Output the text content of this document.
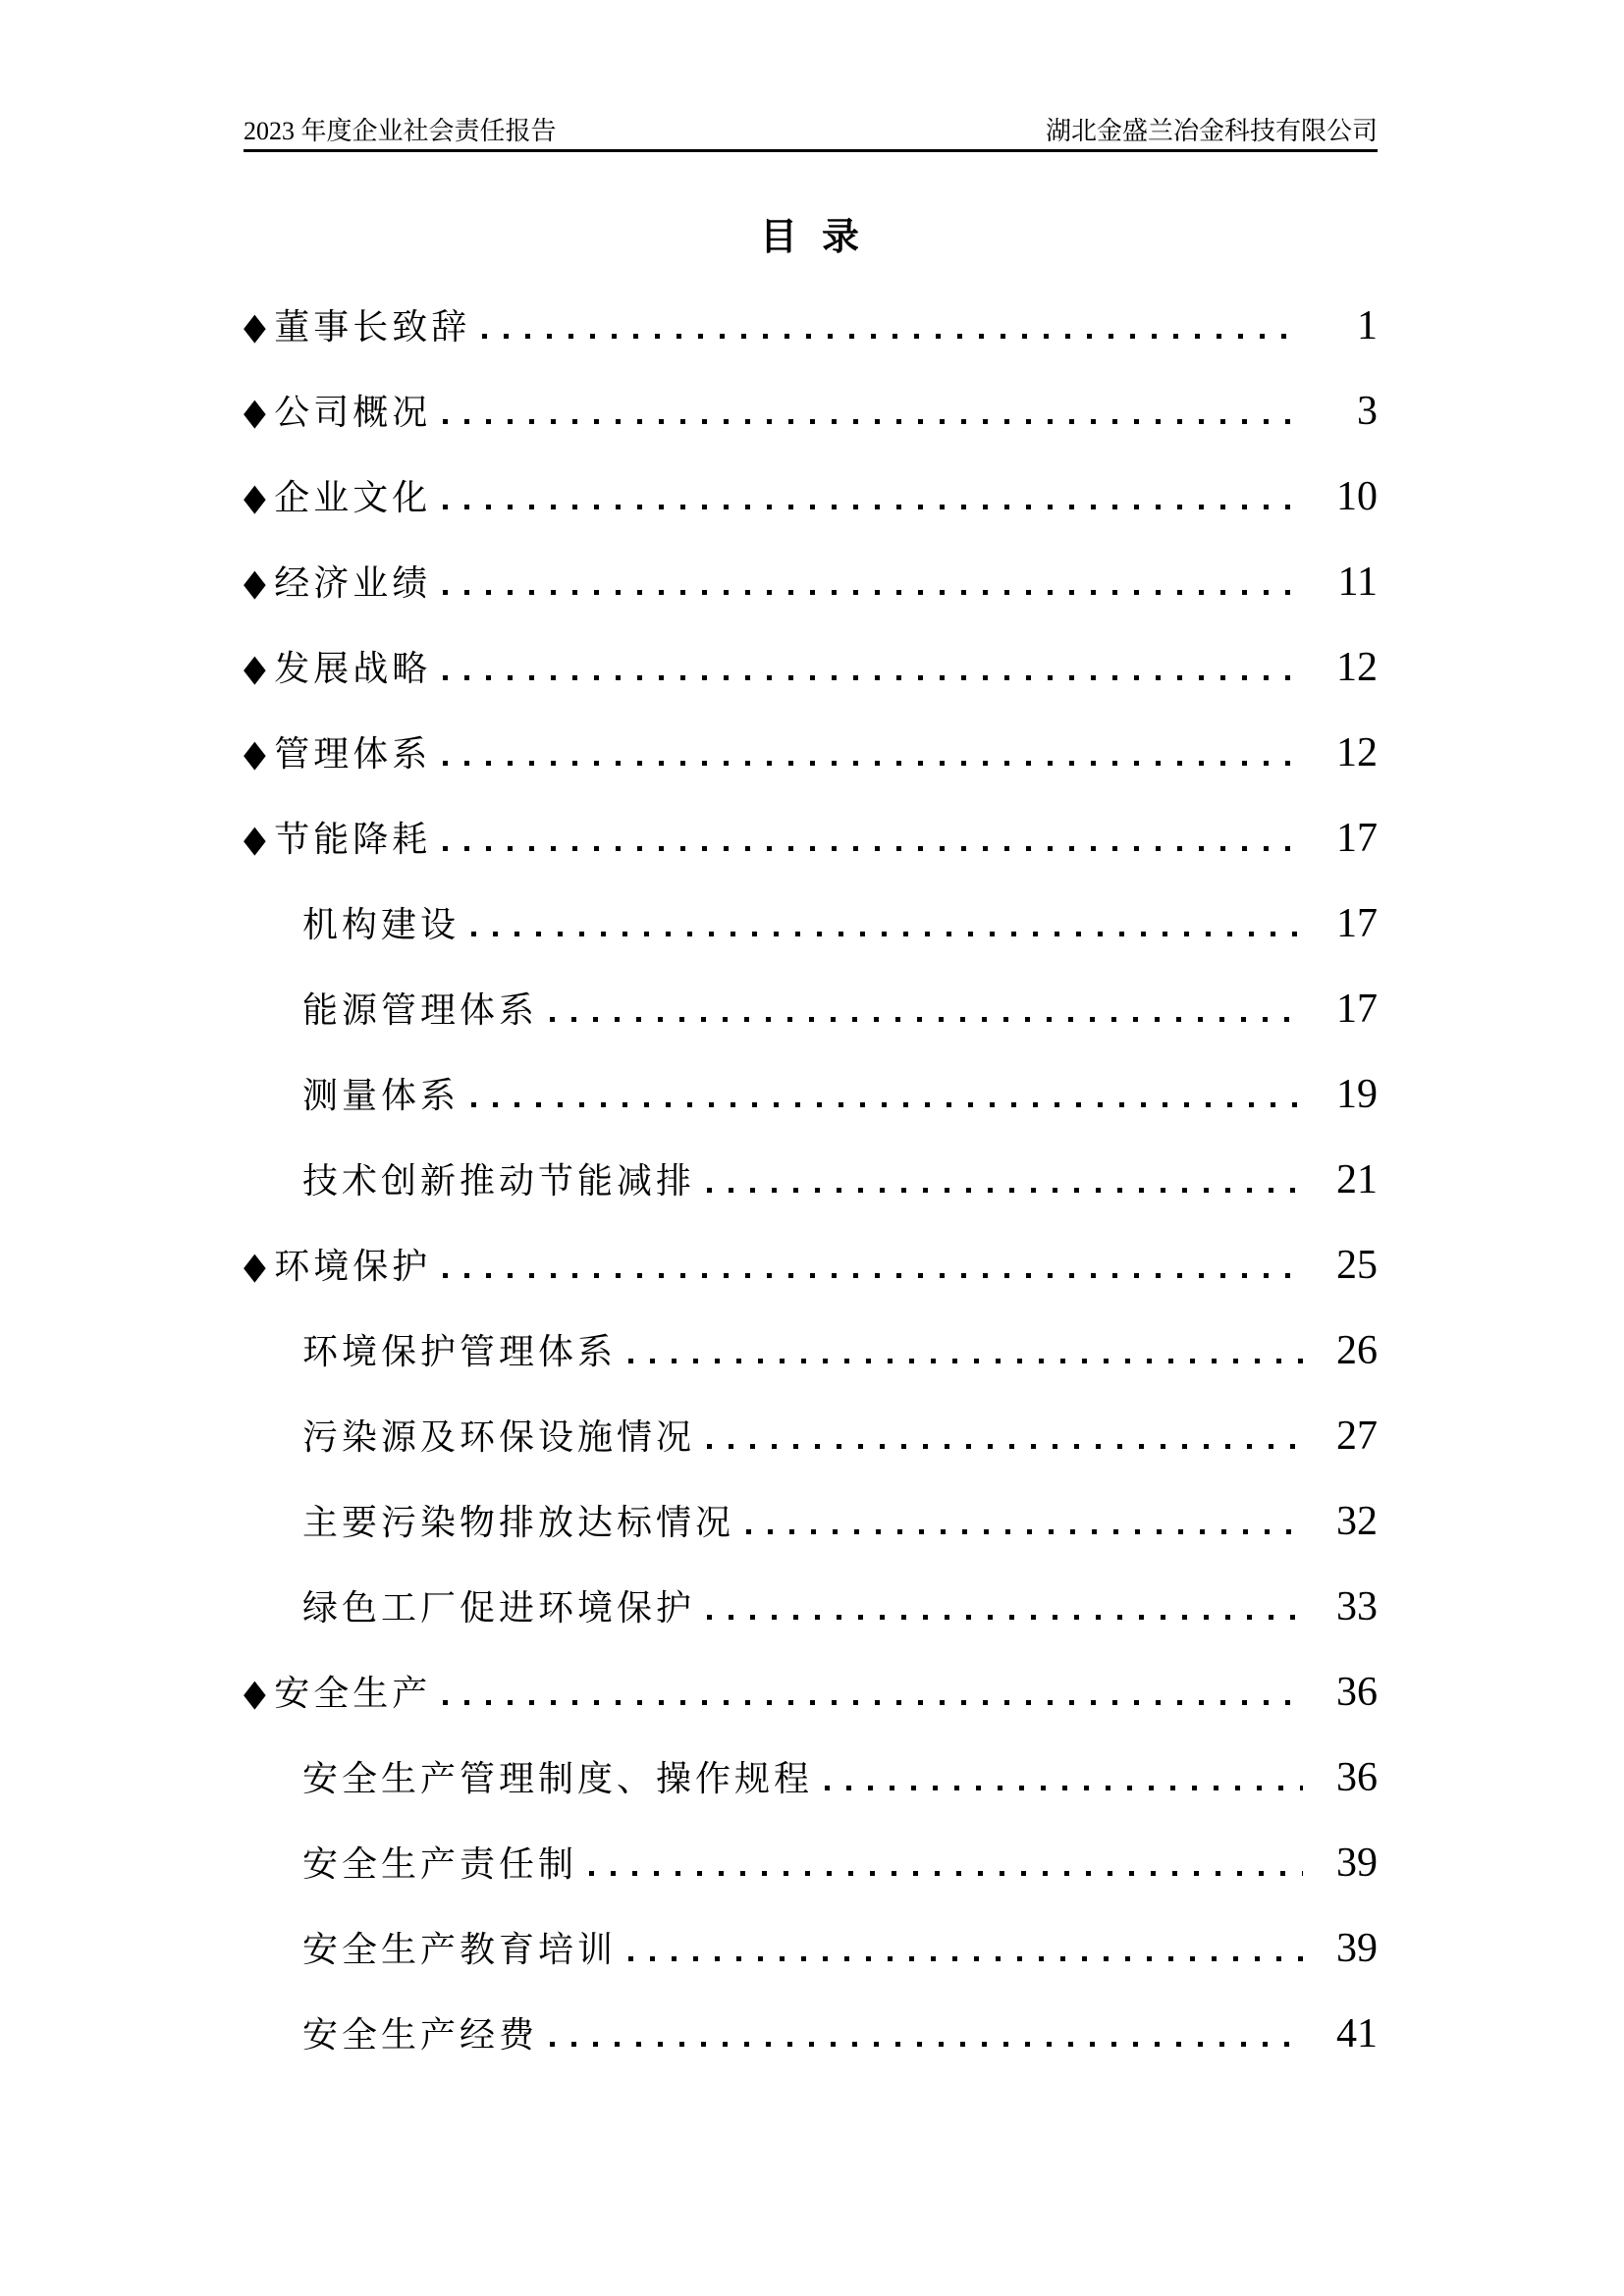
2023 年度企业社会责任报告	湖北金盛兰冶金科技有限公司
目  录
◆ 董事长致辞	1
◆ 公司概况	3
◆ 企业文化	10
◆ 经济业绩	11
◆ 发展战略	12
◆ 管理体系	12
◆ 节能降耗	17
机构建设	17
能源管理体系	17
测量体系	19
技术创新推动节能减排	21
◆ 环境保护	25
环境保护管理体系	26
污染源及环保设施情况	27
主要污染物排放达标情况	32
绿色工厂促进环境保护	33
◆ 安全生产	36
安全生产管理制度、操作规程	36
安全生产责任制	39
安全生产教育培训	39
安全生产经费	41
